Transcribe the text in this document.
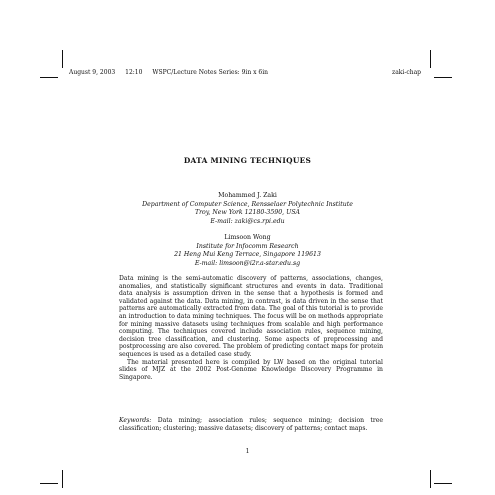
August 9, 2003 12:10 WSPC/Lecture Notes Series: 9in x 6in	zaki-chap
DATA MINING TECHNIQUES
Mohammed J. Zaki
Department of Computer Science, Rensselaer Polytechnic Institute
Troy, New York 12180-3590, USA
E-mail: zaki@cs.rpi.edu
Limsoon Wong
Institute for Infocomm Research
21 Heng Mui Keng Terrace, Singapore 119613
E-mail: limsoon@i2r.a-star.edu.sg

Data mining is the semi-automatic discovery of patterns, associations, changes, anomalies, and statistically significant structures and events in data. Traditional data analysis is assumption driven in the sense that a hypothesis is formed and validated against the data. Data mining, in contrast, is data driven in the sense that patterns are automatically extracted from data. The goal of this tutorial is to provide an introduction to data mining techniques. The focus will be on methods appropriate for mining massive datasets using techniques from scalable and high performance computing. The techniques covered include association rules, sequence mining, decision tree classification, and clustering. Some aspects of preprocessing and postprocessing are also covered. The problem of predicting contact maps for protein sequences is used as a detailed case study.

The material presented here is compiled by LW based on the original tutorial slides of MJZ at the 2002 Post-Genome Knowledge Discovery Programme in Singapore.

Keywords: Data mining; association rules; sequence mining; decision tree classification; clustering; massive datasets; discovery of patterns; contact maps.
1
